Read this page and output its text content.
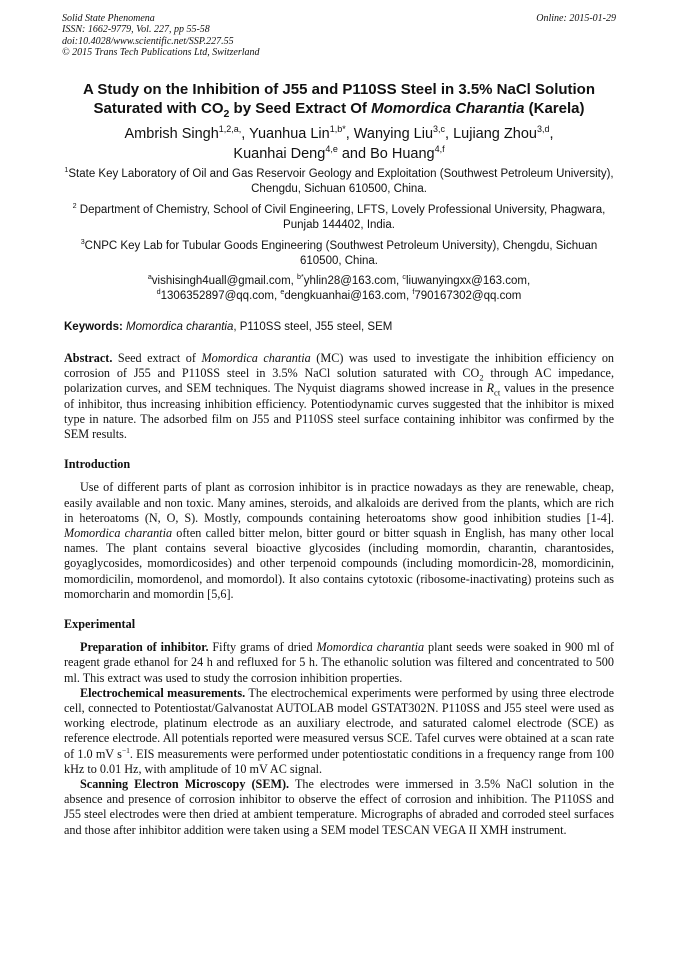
Solid State Phenomena
ISSN: 1662-9779, Vol. 227, pp 55-58
doi:10.4028/www.scientific.net/SSP.227.55
© 2015 Trans Tech Publications Ltd, Switzerland
Online: 2015-01-29
A Study on the Inhibition of J55 and P110SS Steel in 3.5% NaCl Solution
Saturated with $CO_2$ by Seed Extract Of Momordica Charantia (Karela)
Ambrish Singh$^{1,2,a,}$, Yuanhua Lin$^{1,b*}$, Wanying Liu$^{3,c}$, Lujiang Zhou$^{3,d}$,
Kuanhai Deng$^{4,e}$ and Bo Huang$^{4,f}$

$^1$State Key Laboratory of Oil and Gas Reservoir Geology and Exploitation (Southwest Petroleum University), Chengdu, Sichuan 610500, China.

$^2$ Department of Chemistry, School of Civil Engineering, LFTS, Lovely Professional University, Phagwara, Punjab 144402, India.

$^3$CNPC Key Lab for Tubular Goods Engineering (Southwest Petroleum University), Chengdu, Sichuan 610500, China.

$^a$vishisingh4uall@gmail.com, $^{b*}$yhlin28@163.com, $^c$liuwanyingxx@163.com,
$^d$1306352897@qq.com, $^e$dengkuanhai@163.com, $^f$790167302@qq.com
Keywords: Momordica charantia, P110SS steel, J55 steel, SEM

Abstract. Seed extract of Momordica charantia (MC) was used to investigate the inhibition efficiency on corrosion of J55 and P110SS steel in 3.5% NaCl solution saturated with $CO_2$ through AC impedance, polarization curves, and SEM techniques. The Nyquist diagrams showed increase in $R_{ct}$ values in the presence of inhibitor, thus increasing inhibition efficiency. Potentiodynamic curves suggested that the inhibitor is mixed type in nature. The adsorbed film on J55 and P110SS steel surface containing inhibitor was confirmed by the SEM results.

Introduction

Use of different parts of plant as corrosion inhibitor is in practice nowadays as they are renewable, cheap, easily available and non toxic. Many amines, steroids, and alkaloids are derived from the plants, which are rich in heteroatoms (N, O, S). Mostly, compounds containing heteroatoms show good inhibition studies [1-4]. Momordica charantia often called bitter melon, bitter gourd or bitter squash in English, has many other local names. The plant contains several bioactive glycosides (including momordin, charantin, charantosides, goyaglycosides, momordicosides) and other terpenoid compounds (including momordicin-28, momordicinin, momordicilin, momordenol, and momordol). It also contains cytotoxic (ribosome-inactivating) proteins such as momorcharin and momordin [5,6].

Experimental

Preparation of inhibitor. Fifty grams of dried Momordica charantia plant seeds were soaked in 900 ml of reagent grade ethanol for 24 h and refluxed for 5 h. The ethanolic solution was filtered and concentrated to 500 ml. This extract was used to study the corrosion inhibition properties.

Electrochemical measurements. The electrochemical experiments were performed by using three electrode cell, connected to Potentiostat/Galvanostat AUTOLAB model GSTAT302N. P110SS and J55 steel were used as working electrode, platinum electrode as an auxiliary electrode, and saturated calomel electrode (SCE) as reference electrode. All potentials reported were measured versus SCE. Tafel curves were obtained at a scan rate of 1.0 mV $s^{-1}$. EIS measurements were performed under potentiostatic conditions in a frequency range from 100 kHz to 0.01 Hz, with amplitude of 10 mV AC signal.

Scanning Electron Microscopy (SEM). The electrodes were immersed in 3.5% NaCl solution in the absence and presence of corrosion inhibitor to observe the effect of corrosion and inhibition. The P110SS and J55 steel electrodes were then dried at ambient temperature. Micrographs of abraded and corroded steel surfaces and those after inhibitor addition were taken using a SEM model TESCAN VEGA II XMH instrument.
